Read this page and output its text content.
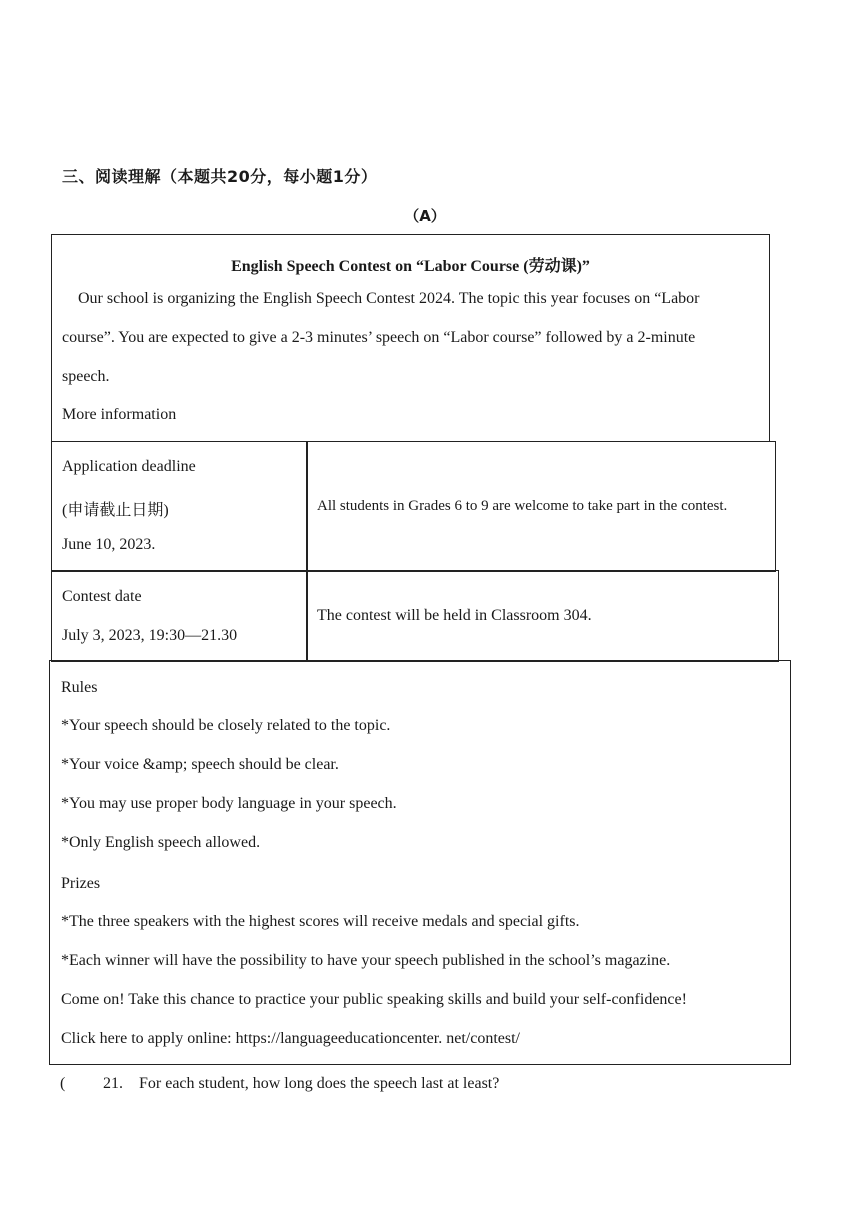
三、阅读理解（本题共20分，每小题1分）
（A）
English Speech Contest on “Labor Course (劳动课)”
Our school is organizing the English Speech Contest 2024. The topic this year focuses on “Labor
course”. You are expected to give a 2-3 minutes’ speech on “Labor course” followed by a 2-minute
speech.
More information
Application deadline
(申请截止日期)
June 10, 2023.
All students in Grades 6 to 9 are welcome to take part in the contest.
Contest date
July 3, 2023, 19:30—21.30
The contest will be held in Classroom 304.
Rules
*Your speech should be closely related to the topic.
*Your voice &amp; speech should be clear.
*You may use proper body language in your speech.
*Only English speech allowed.
Prizes
*The three speakers with the highest scores will receive medals and special gifts.
*Each winner will have the possibility to have your speech published in the school’s magazine.
Come on! Take this chance to practice your public speaking skills and build your self-confidence!
Click here to apply online: https://languageeducationcenter. net/contest/
( 21. For each student, how long does the speech last at least?
